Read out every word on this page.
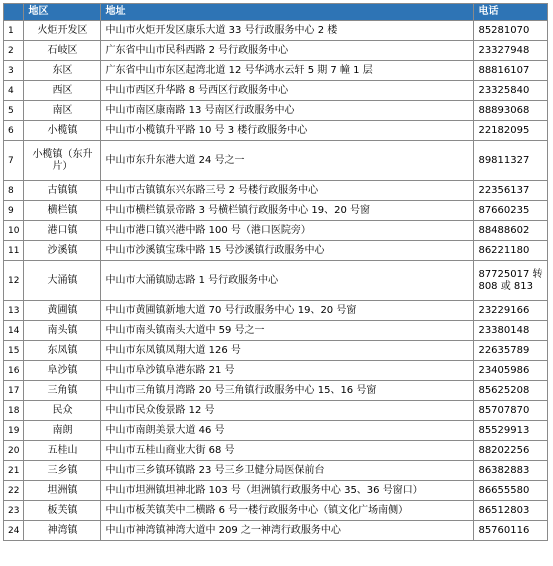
	地区	地址	电话
1	火炬开发区	中山市火炬开发区康乐大道 33 号行政服务中心 2 楼	85281070
2	石岐区	广东省中山市民科西路 2 号行政服务中心	23327948
3	东区	广东省中山市东区起湾北道 12 号华鸿水云轩 5 期 7 幢 1 层	88816107
4	西区	中山市西区升华路 8 号西区行政服务中心	23325840
5	南区	中山市南区康南路 13 号南区行政服务中心	88893068
6	小榄镇	中山市小榄镇升平路 10 号 3 楼行政服务中心	22182095
7	小榄镇（东升片）	中山市东升东港大道 24 号之一	89811327
8	古镇镇	中山市古镇镇东兴东路三号 2 号楼行政服务中心	22356137
9	横栏镇	中山市横栏镇景帝路 3 号横栏镇行政服务中心 19、20 号窗	87660235
10	港口镇	中山市港口镇兴港中路 100 号（港口医院旁）	88488602
11	沙溪镇	中山市沙溪镇宝珠中路 15 号沙溪镇行政服务中心	86221180
12	大涌镇	中山市大涌镇励志路 1 号行政服务中心	87725017 转 808 或 813
13	黄圃镇	中山市黄圃镇新地大道 70 号行政服务中心 19、20 号窗	23229166
14	南头镇	中山市南头镇南头大道中 59 号之一	23380148
15	东凤镇	中山市东凤镇凤翔大道 126 号	22635789
16	阜沙镇	中山市阜沙镇阜港东路 21 号	23405986
17	三角镇	中山市三角镇月湾路 20 号三角镇行政服务中心 15、16 号窗	85625208
18	民众	中山市民众俊景路 12 号	85707870
19	南朗	中山市南朗美景大道 46 号	85529913
20	五桂山	中山市五桂山商业大街 68 号	88202256
21	三乡镇	中山市三乡镇环镇路 23 号三乡卫健分局医保前台	86382883
22	坦洲镇	中山市坦洲镇坦神北路 103 号（坦洲镇行政服务中心 35、36 号窗口）	86655580
23	板芙镇	中山市板芙镇芙中二横路 6 号一楼行政服务中心（镇文化广场南侧）	86512803
24	神湾镇	中山市神湾镇神湾大道中 209 之一神湾行政服务中心	85760116
